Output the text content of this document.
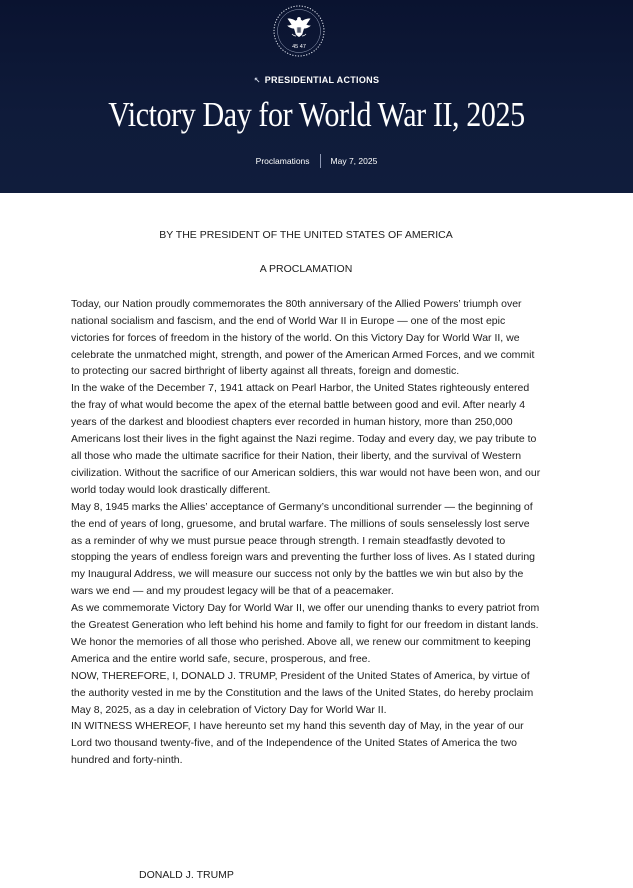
45 47
↖ PRESIDENTIAL ACTIONS
Victory Day for World War II, 2025
Proclamations May 7, 2025

BY THE PRESIDENT OF THE UNITED STATES OF AMERICA

A PROCLAMATION

Today, our Nation proudly commemorates the 80th anniversary of the Allied Powers’ triumph over national socialism and fascism, and the end of World War II in Europe — one of the most epic victories for forces of freedom in the history of the world. On this Victory Day for World War II, we celebrate the unmatched might, strength, and power of the American Armed Forces, and we commit to protecting our sacred birthright of liberty against all threats, foreign and domestic.

In the wake of the December 7, 1941 attack on Pearl Harbor, the United States righteously entered the fray of what would become the apex of the eternal battle between good and evil. After nearly 4 years of the darkest and bloodiest chapters ever recorded in human history, more than 250,000 Americans lost their lives in the fight against the Nazi regime. Today and every day, we pay tribute to all those who made the ultimate sacrifice for their Nation, their liberty, and the survival of Western civilization. Without the sacrifice of our American soldiers, this war would not have been won, and our world today would look drastically different.

May 8, 1945 marks the Allies’ acceptance of Germany’s unconditional surrender — the beginning of the end of years of long, gruesome, and brutal warfare. The millions of souls senselessly lost serve as a reminder of why we must pursue peace through strength. I remain steadfastly devoted to stopping the years of endless foreign wars and preventing the further loss of lives. As I stated during my Inaugural Address, we will measure our success not only by the battles we win but also by the wars we end — and my proudest legacy will be that of a peacemaker.

As we commemorate Victory Day for World War II, we offer our unending thanks to every patriot from the Greatest Generation who left behind his home and family to fight for our freedom in distant lands. We honor the memories of all those who perished. Above all, we renew our commitment to keeping America and the entire world safe, secure, prosperous, and free.

NOW, THEREFORE, I, DONALD J. TRUMP, President of the United States of America, by virtue of the authority vested in me by the Constitution and the laws of the United States, do hereby proclaim May 8, 2025, as a day in celebration of Victory Day for World War II.

IN WITNESS WHEREOF, I have hereunto set my hand this seventh day of May, in the year of our Lord two thousand twenty-five, and of the Independence of the United States of America the two hundred and forty-ninth.

DONALD J. TRUMP
